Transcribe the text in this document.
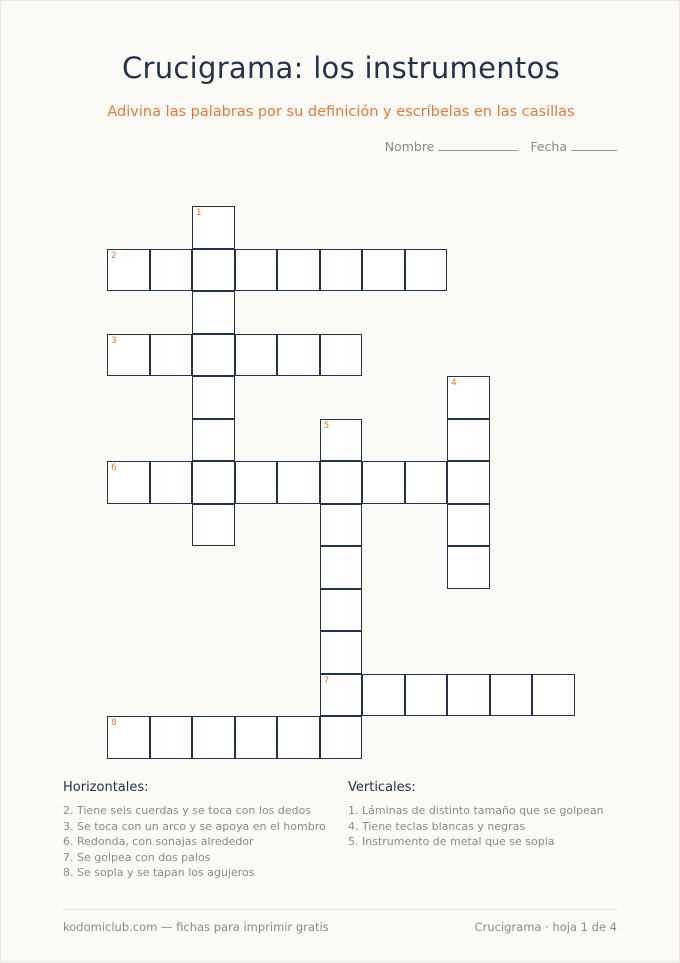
Crucigrama: los instrumentos
Adivina las palabras por su definición y escríbelas en las casillas
Nombre	Fecha
1
2
3
4
5
7
6
8
Horizontales:
2. Tiene seis cuerdas y se toca con los dedos
3. Se toca con un arco y se apoya en el hombro
6. Redonda, con sonajas alrededor
7. Se golpea con dos palos
8. Se sopla y se tapan los agujeros
Verticales:
1. Láminas de distinto tamaño que se golpean
4. Tiene teclas blancas y negras
5. Instrumento de metal que se sopla
kodomiclub.com — fichas para imprimir gratis	Crucigrama · hoja 1 de 4
